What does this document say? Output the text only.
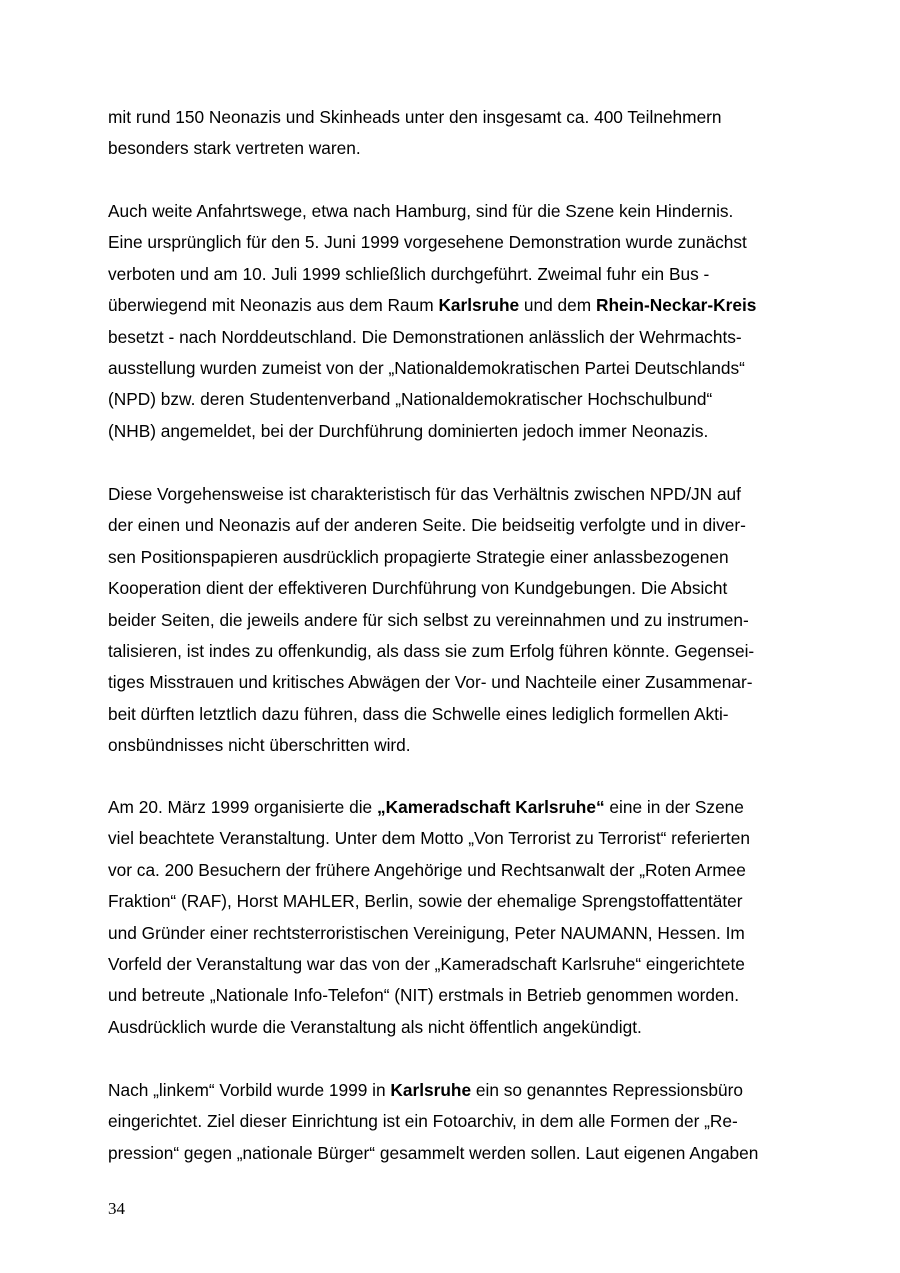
mit rund 150 Neonazis und Skinheads unter den insgesamt ca. 400 Teilnehmern
besonders stark vertreten waren.
Auch weite Anfahrtswege, etwa nach Hamburg, sind für die Szene kein Hindernis.
Eine ursprünglich für den 5. Juni 1999 vorgesehene Demonstration wurde zunächst
verboten und am 10. Juli 1999 schließlich durchgeführt. Zweimal fuhr ein Bus -
überwiegend mit Neonazis aus dem Raum Karlsruhe und dem Rhein-Neckar-Kreis
besetzt - nach Norddeutschland. Die Demonstrationen anlässlich der Wehrmachts-
ausstellung wurden zumeist von der „Nationaldemokratischen Partei Deutschlands“
(NPD) bzw. deren Studentenverband „Nationaldemokratischer Hochschulbund“
(NHB) angemeldet, bei der Durchführung dominierten jedoch immer Neonazis.
Diese Vorgehensweise ist charakteristisch für das Verhältnis zwischen NPD/JN auf
der einen und Neonazis auf der anderen Seite. Die beidseitig verfolgte und in diver-
sen Positionspapieren ausdrücklich propagierte Strategie einer anlassbezogenen
Kooperation dient der effektiveren Durchführung von Kundgebungen. Die Absicht
beider Seiten, die jeweils andere für sich selbst zu vereinnahmen und zu instrumen-
talisieren, ist indes zu offenkundig, als dass sie zum Erfolg führen könnte. Gegensei-
tiges Misstrauen und kritisches Abwägen der Vor- und Nachteile einer Zusammenar-
beit dürften letztlich dazu führen, dass die Schwelle eines lediglich formellen Akti-
onsbündnisses nicht überschritten wird.
Am 20. März 1999 organisierte die „Kameradschaft Karlsruhe“ eine in der Szene
viel beachtete Veranstaltung. Unter dem Motto „Von Terrorist zu Terrorist“ referierten
vor ca. 200 Besuchern der frühere Angehörige und Rechtsanwalt der „Roten Armee
Fraktion“ (RAF), Horst MAHLER, Berlin, sowie der ehemalige Sprengstoffattentäter
und Gründer einer rechtsterroristischen Vereinigung, Peter NAUMANN, Hessen. Im
Vorfeld der Veranstaltung war das von der „Kameradschaft Karlsruhe“ eingerichtete
und betreute „Nationale Info-Telefon“ (NIT) erstmals in Betrieb genommen worden.
Ausdrücklich wurde die Veranstaltung als nicht öffentlich angekündigt.
Nach „linkem“ Vorbild wurde 1999 in Karlsruhe ein so genanntes Repressionsbüro
eingerichtet. Ziel dieser Einrichtung ist ein Fotoarchiv, in dem alle Formen der „Re-
pression“ gegen „nationale Bürger“ gesammelt werden sollen. Laut eigenen Angaben
34
